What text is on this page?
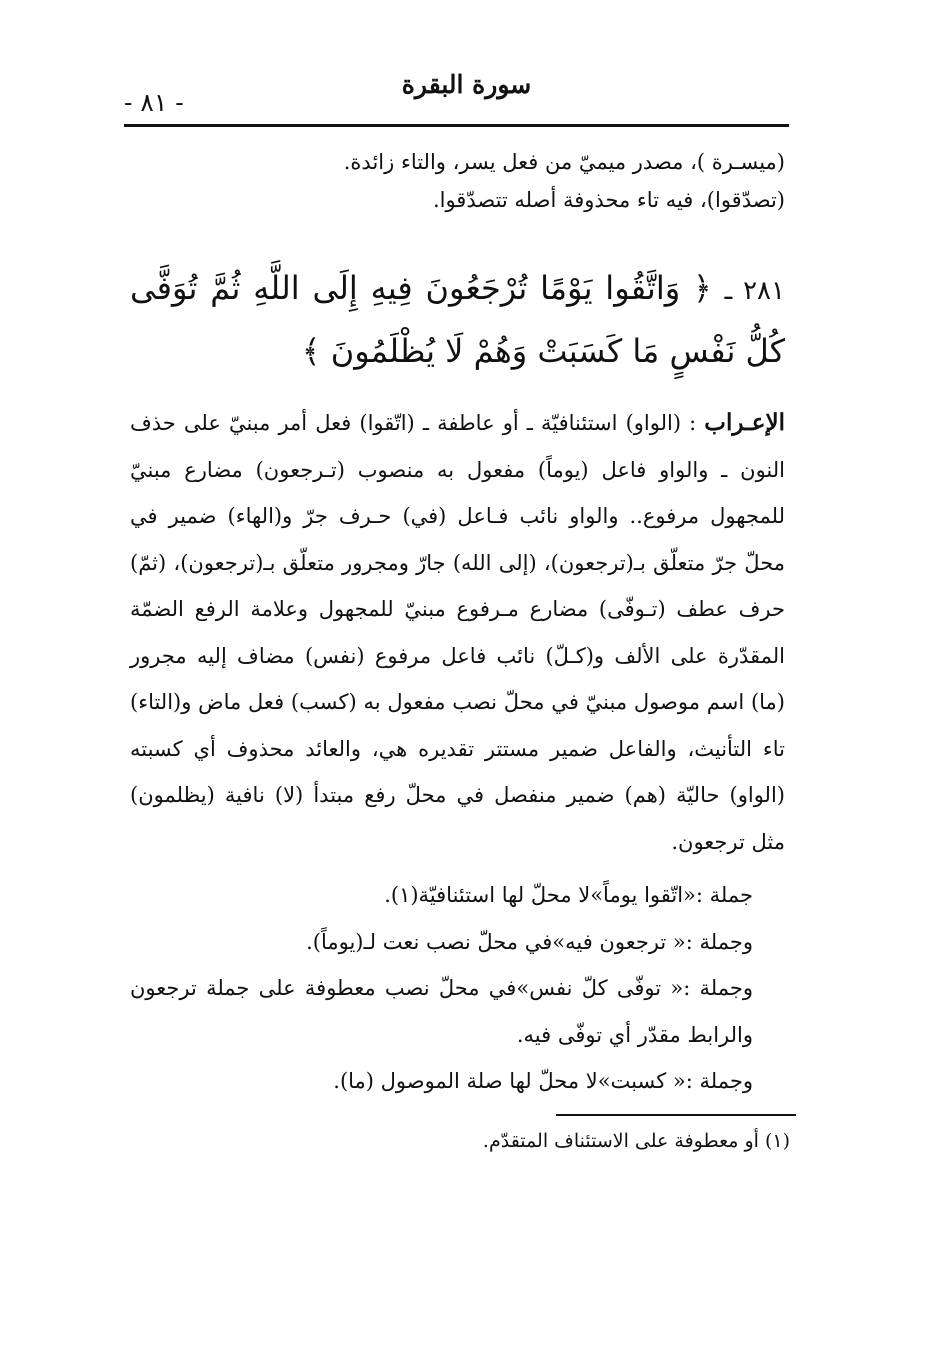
سورة البقرة
- ٨١ -

(ميسـرة )، مصدر ميميّ من فعل يسر، والتاء زائدة.

(تصدّقوا)، فيه تاء محذوفة أصله تتصدّقوا.

٢٨١ ـ ﴿ وَاتَّقُوا يَوْمًا تُرْجَعُونَ فِيهِ إِلَى اللَّهِ ثُمَّ تُوَفَّى كُلُّ نَفْسٍ مَا كَسَبَتْ وَهُمْ لَا يُظْلَمُونَ ﴾
الإعـراب : (الواو) استئنافيّة ـ أو عاطفة ـ (اتّقوا) فعل أمر مبنيّ على حذف النون ـ والواو فاعل (يوماً) مفعول به منصوب (تـرجعون) مضارع مبنيّ للمجهول مرفوع.. والواو نائب فـاعل (في) حـرف جرّ و(الهاء) ضمير في محلّ جرّ متعلّق بـ(ترجعون)، (إلى الله) جارّ ومجرور متعلّق بـ(ترجعون)، (ثمّ) حرف عطف (تـوفّى) مضارع مـرفوع مبنيّ للمجهول وعلامة الرفع الضمّة المقدّرة على الألف و(كـلّ) نائب فاعل مرفوع (نفس) مضاف إليه مجرور (ما) اسم موصول مبنيّ في محلّ نصب مفعول به (كسب) فعل ماض و(التاء) تاء التأنيث، والفاعل ضمير مستتر تقديره هي، والعائد محذوف أي كسبته (الواو) حاليّة (هم) ضمير منفصل في محلّ رفع مبتدأ (لا) نافية (يظلمون) مثل ترجعون.

جملة :«اتّقوا يوماً»لا محلّ لها استئنافيّة(١).

وجملة :« ترجعون فيه»في محلّ نصب نعت لـ(يوماً).

وجملة :« توفّى كلّ نفس»في محلّ نصب معطوفة على جملة ترجعون والرابط مقدّر أي توفّى فيه.

وجملة :« كسبت»لا محلّ لها صلة الموصول (ما).

(١) أو معطوفة على الاستئناف المتقدّم.
